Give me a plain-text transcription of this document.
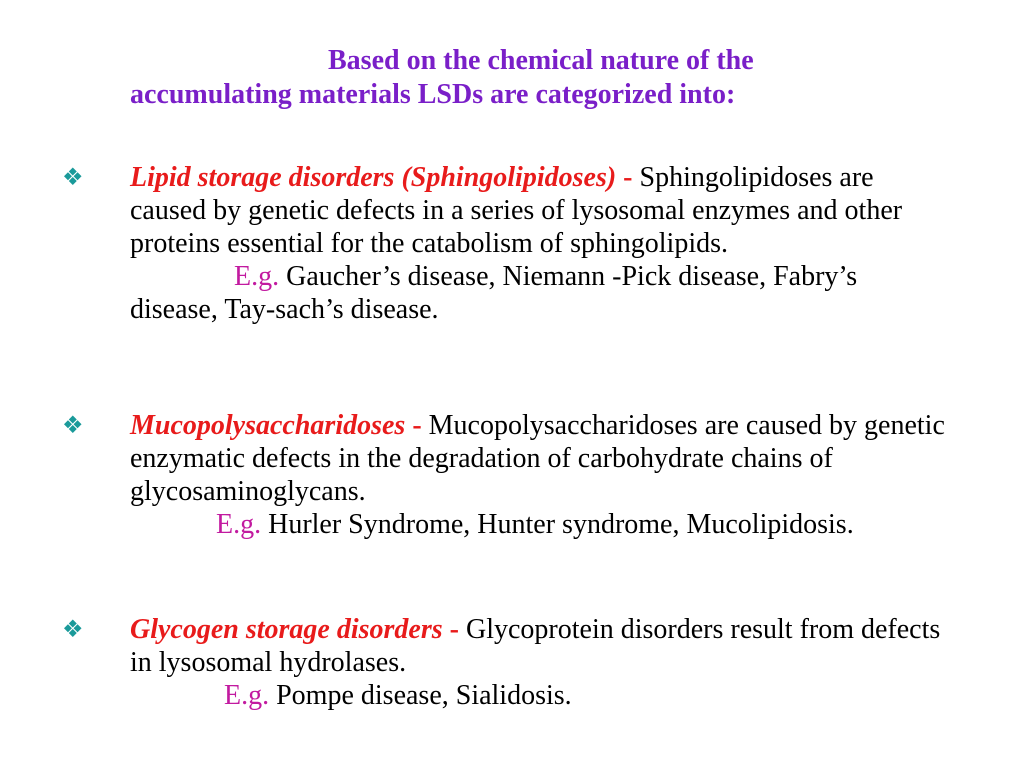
Based on the chemical nature of the
accumulating materials LSDs are categorized into:
❖ Lipid storage disorders (Sphingolipidoses) - Sphingolipidoses are caused by genetic defects in a series of lysosomal enzymes and other proteins essential for the catabolism of sphingolipids.
E.g. Gaucher’s disease, Niemann -Pick disease, Fabry’s disease, Tay-sach’s disease.
❖ Mucopolysaccharidoses - Mucopolysaccharidoses are caused by genetic enzymatic defects in the degradation of carbohydrate chains of glycosaminoglycans.
E.g. Hurler Syndrome, Hunter syndrome, Mucolipidosis.
❖ Glycogen storage disorders - Glycoprotein disorders result from defects in lysosomal hydrolases.
E.g. Pompe disease, Sialidosis.
